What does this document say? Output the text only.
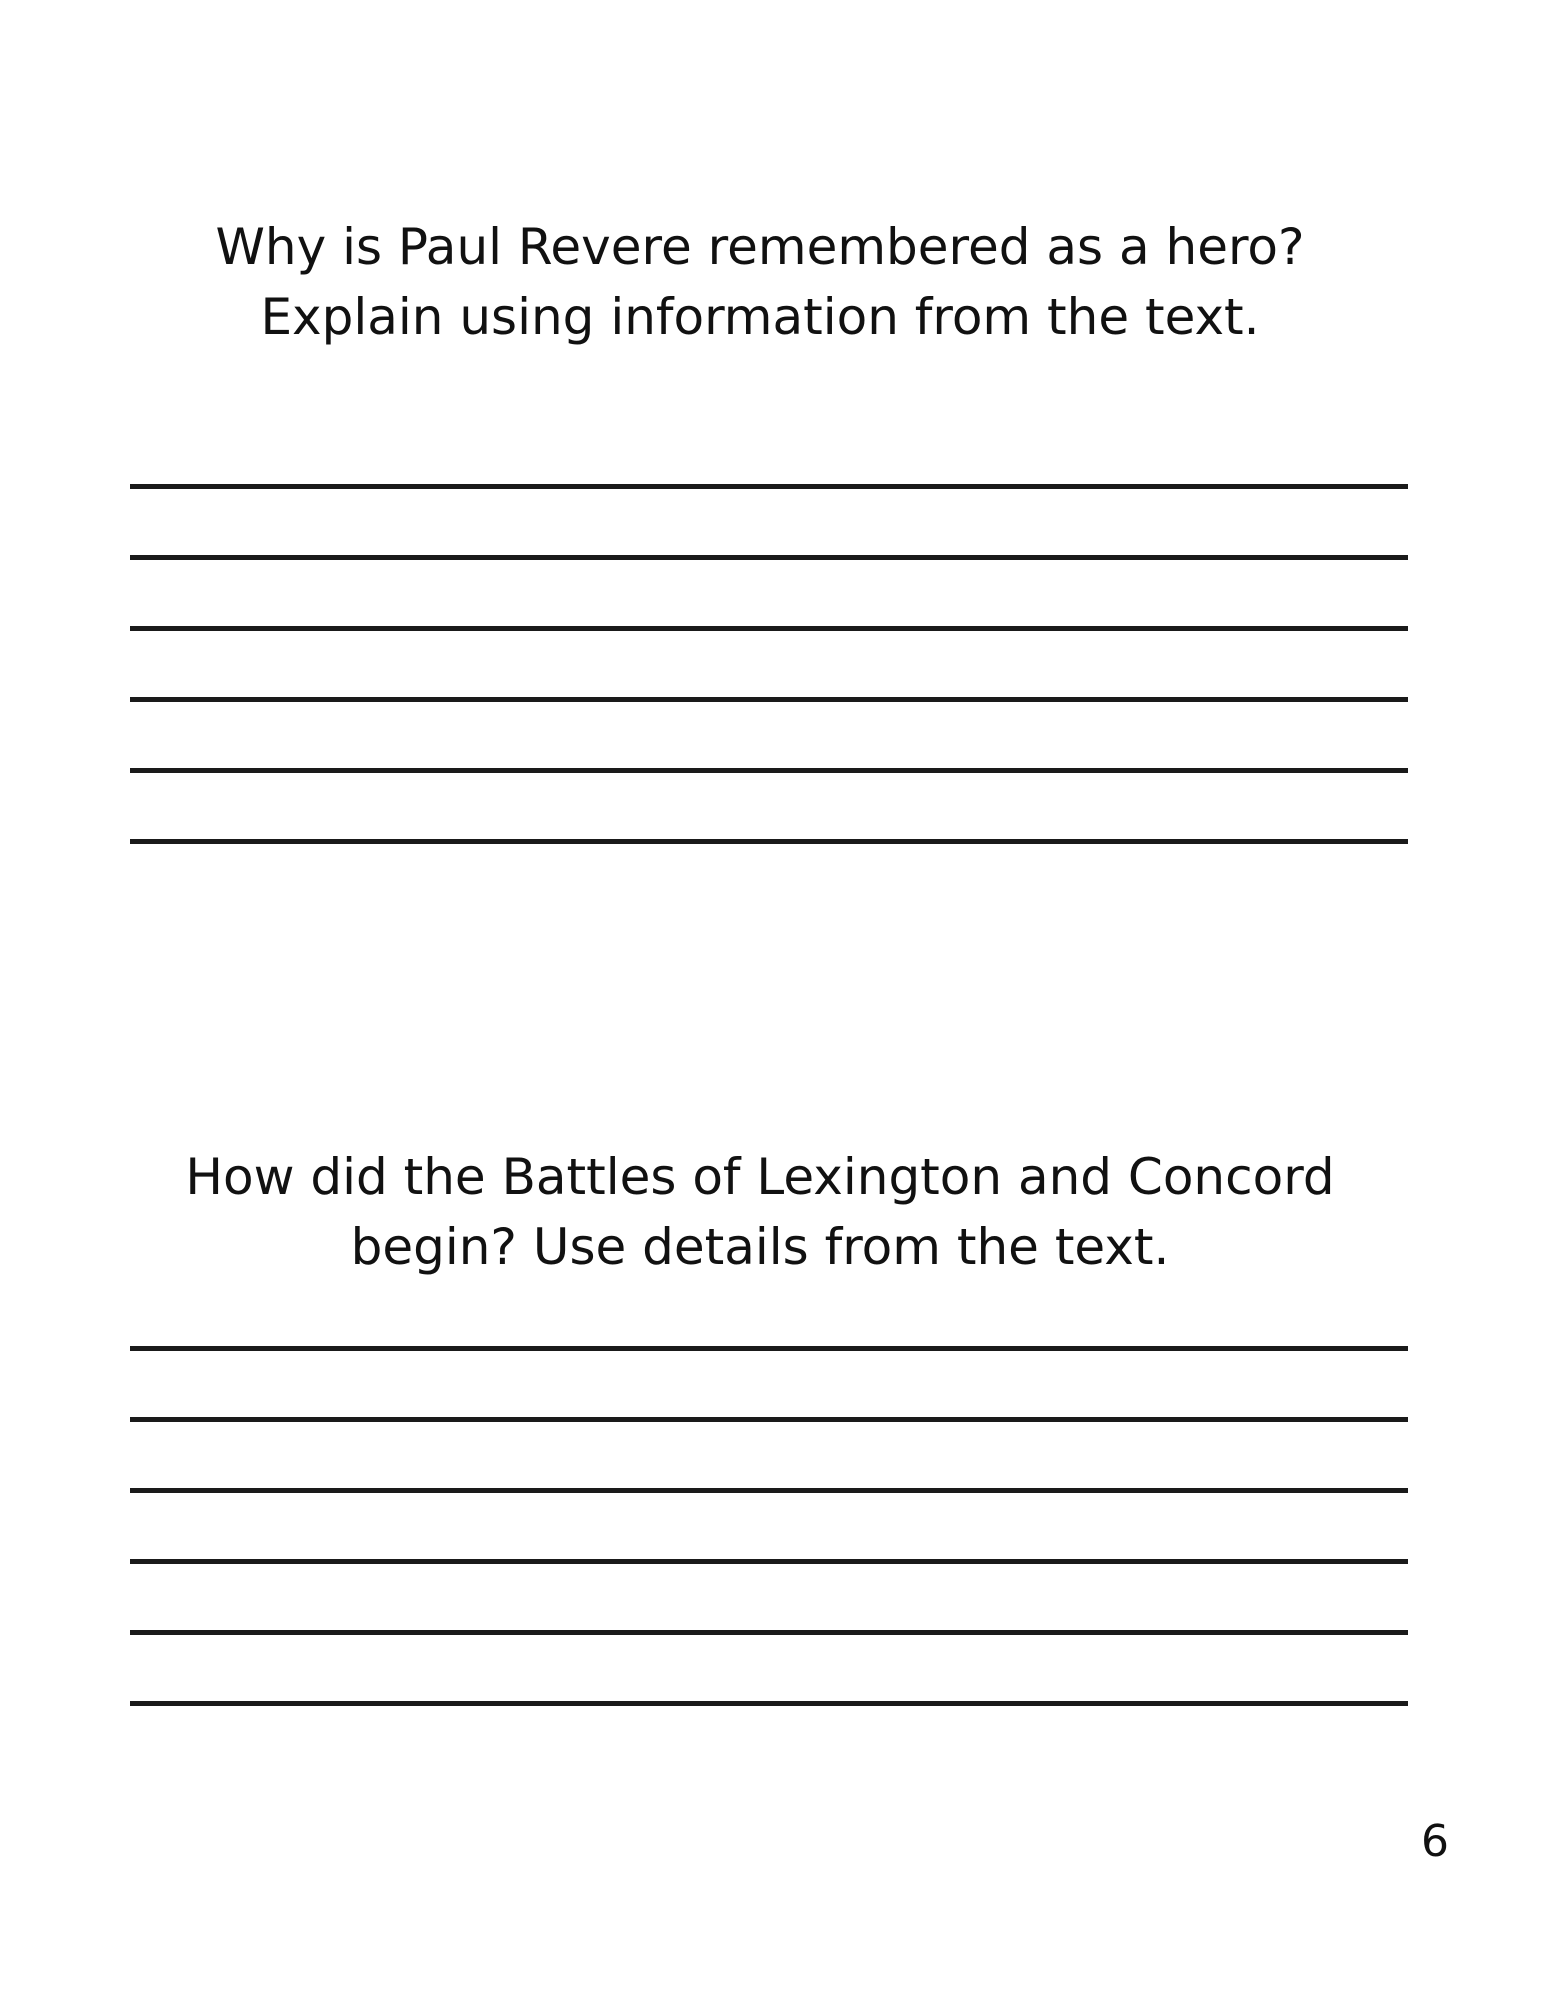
Why is Paul Revere remembered as a hero? Explain using information from the text.
How did the Battles of Lexington and Concord begin? Use details from the text.
6
